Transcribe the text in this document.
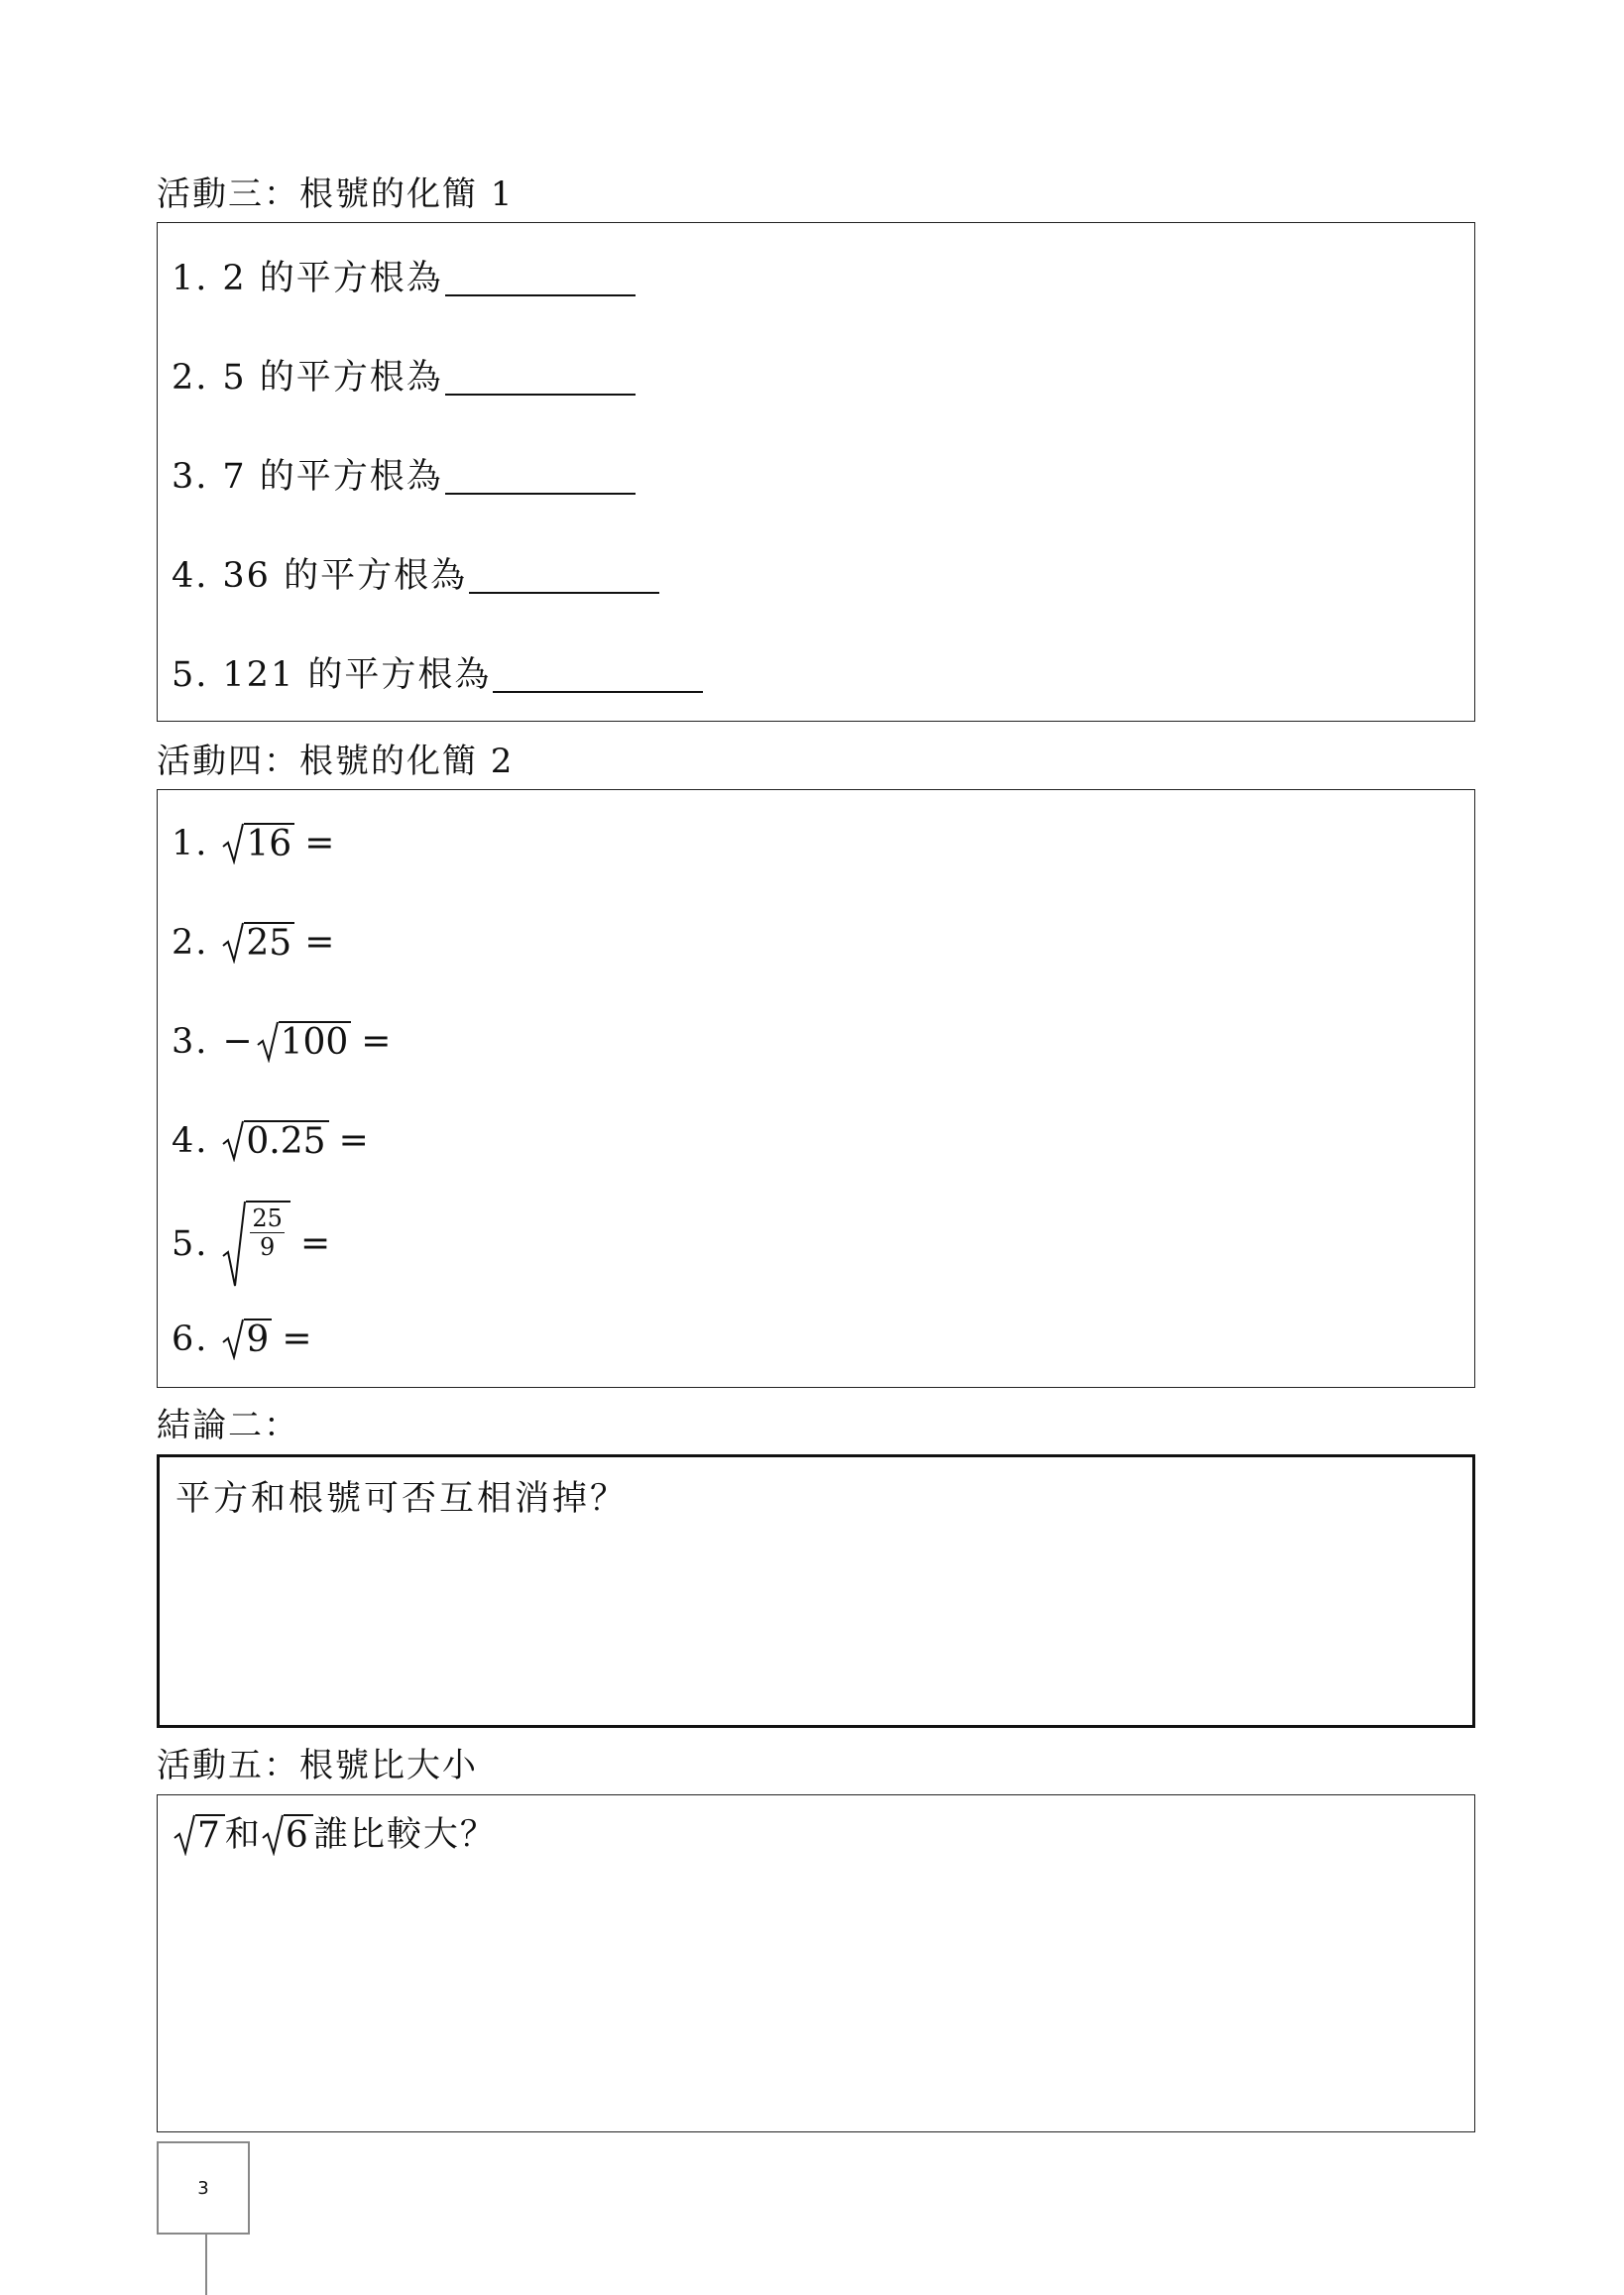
活動三：根號的化簡 1
1. 2 的平方根為
2. 5 的平方根為
3. 7 的平方根為
4. 36 的平方根為
5. 121 的平方根為
活動四：根號的化簡 2
1. 16 =
2. 25 =
3. − 100 =
4. 0.25 =
5. $\frac{25}{9}$ =
6. 9 =
結論二：
平方和根號可否互相消掉？
活動五：根號比大小
7 和 6 誰比較大？
3
